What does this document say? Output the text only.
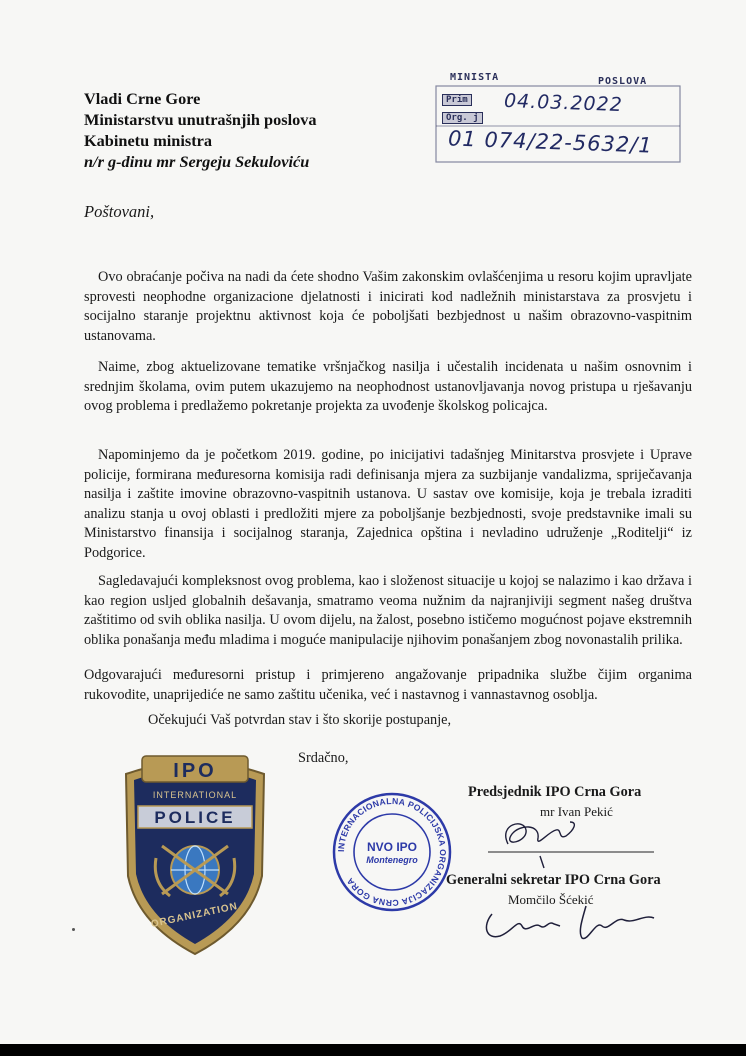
Vladi Crne Gore
Ministarstvu unutrašnjih poslova
Kabinetu ministra
n/r g-dinu mr Sergeju Sekuloviću
MINISTA	POSLOVA
Prim
Org. j
04.03.2022
01 074/22-5632/1
Poštovani,

Ovo obraćanje počiva na nadi da ćete shodno Vašim zakonskim ovlašćenjima u resoru kojim upravljate sprovesti neophodne organizacione djelatnosti i inicirati kod nadležnih ministarstava za prosvjetu i socijalno staranje projektnu aktivnost koja će poboljšati bezbjednost u našim obrazovno-vaspitnim ustanovama.

Naime, zbog aktuelizovane tematike vršnjačkog nasilja i učestalih incidenata u našim osnovnim i srednjim školama, ovim putem ukazujemo na neophodnost ustanovljavanja novog pristupa u rješavanju ovog problema i predlažemo pokretanje projekta za uvođenje školskog policajca.

Napominjemo da je početkom 2019. godine, po inicijativi tadašnjeg Minitarstva prosvjete i Uprave policije, formirana međuresorna komisija radi definisanja mjera za suzbijanje vandalizma, spriječavanja nasilja i zaštite imovine obrazovno-vaspitnih ustanova. U sastav ove komisije, koja je trebala izraditi analizu stanja u ovoj oblasti i predložiti mjere za poboljšanje bezbjednosti, svoje predstavnike imali su Ministarstvo finansija i socijalnog staranja, Zajednica opština i nevladino udruženje „Roditelji“ iz Podgorice.

Sagledavajući kompleksnost ovog problema, kao i složenost situacije u kojoj se nalazimo i kao država i kao region usljed globalnih dešavanja, smatramo veoma nužnim da najranjiviji segment našeg društva zaštitimo od svih oblika nasilja. U ovom dijelu, na žalost, posebno ističemo mogućnost pojave ekstremnih oblika ponašanja među mladima i moguće manipulacije njihovim ponašanjem zbog novonastalih prilika.

Odgovarajući međuresorni pristup i primjereno angažovanje pripadnika službe čijim organima rukovodite, unaprijediće ne samo zaštitu učenika, već i nastavnog i vannastavnog osoblja.

Očekujući Vaš potvrdan stav i što skorije postupanje,
Srdačno,
IPO
INTERNATIONAL
POLICE
ORGANIZATION
INTERNACIONALNA POLICIJSKA ORGANIZACIJA CRNA GORA
NVO IPO
Montenegro
Predsjednik IPO Crna Gora
mr Ivan Pekić
Generalni sekretar IPO Crna Gora
Momčilo Šćekić
